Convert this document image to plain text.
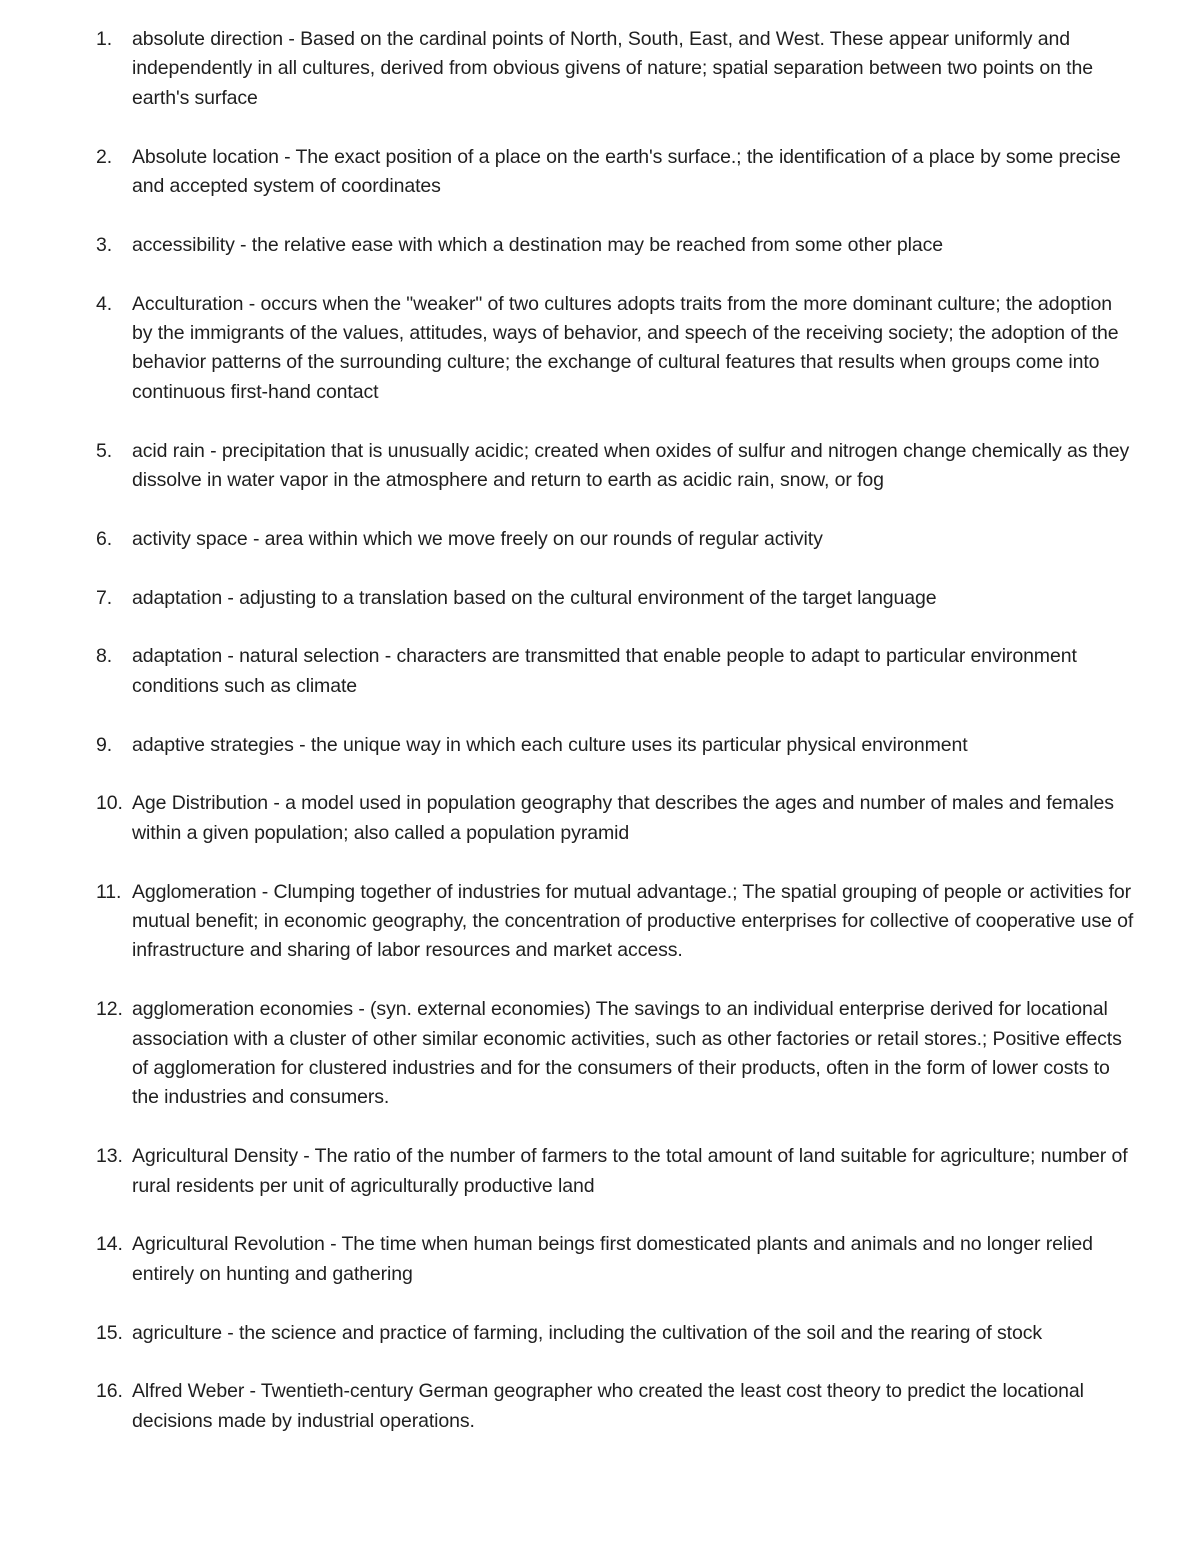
1. absolute direction - Based on the cardinal points of North, South, East, and West. These appear uniformly and independently in all cultures, derived from obvious givens of nature; spatial separation between two points on the earth's surface
2. Absolute location - The exact position of a place on the earth's surface.; the identification of a place by some precise and accepted system of coordinates
3. accessibility - the relative ease with which a destination may be reached from some other place
4. Acculturation - occurs when the "weaker" of two cultures adopts traits from the more dominant culture; the adoption by the immigrants of the values, attitudes, ways of behavior, and speech of the receiving society; the adoption of the behavior patterns of the surrounding culture; the exchange of cultural features that results when groups come into continuous first-hand contact
5. acid rain - precipitation that is unusually acidic; created when oxides of sulfur and nitrogen change chemically as they dissolve in water vapor in the atmosphere and return to earth as acidic rain, snow, or fog
6. activity space - area within which we move freely on our rounds of regular activity
7. adaptation - adjusting to a translation based on the cultural environment of the target language
8. adaptation - natural selection - characters are transmitted that enable people to adapt to particular environment conditions such as climate
9. adaptive strategies - the unique way in which each culture uses its particular physical environment
10. Age Distribution - a model used in population geography that describes the ages and number of males and females within a given population; also called a population pyramid
11. Agglomeration - Clumping together of industries for mutual advantage.; The spatial grouping of people or activities for mutual benefit; in economic geography, the concentration of productive enterprises for collective of cooperative use of infrastructure and sharing of labor resources and market access.
12. agglomeration economies - (syn. external economies) The savings to an individual enterprise derived for locational association with a cluster of other similar economic activities, such as other factories or retail stores.; Positive effects of agglomeration for clustered industries and for the consumers of their products, often in the form of lower costs to the industries and consumers.
13. Agricultural Density - The ratio of the number of farmers to the total amount of land suitable for agriculture; number of rural residents per unit of agriculturally productive land
14. Agricultural Revolution - The time when human beings first domesticated plants and animals and no longer relied entirely on hunting and gathering
15. agriculture - the science and practice of farming, including the cultivation of the soil and the rearing of stock
16. Alfred Weber - Twentieth-century German geographer who created the least cost theory to predict the locational decisions made by industrial operations.
